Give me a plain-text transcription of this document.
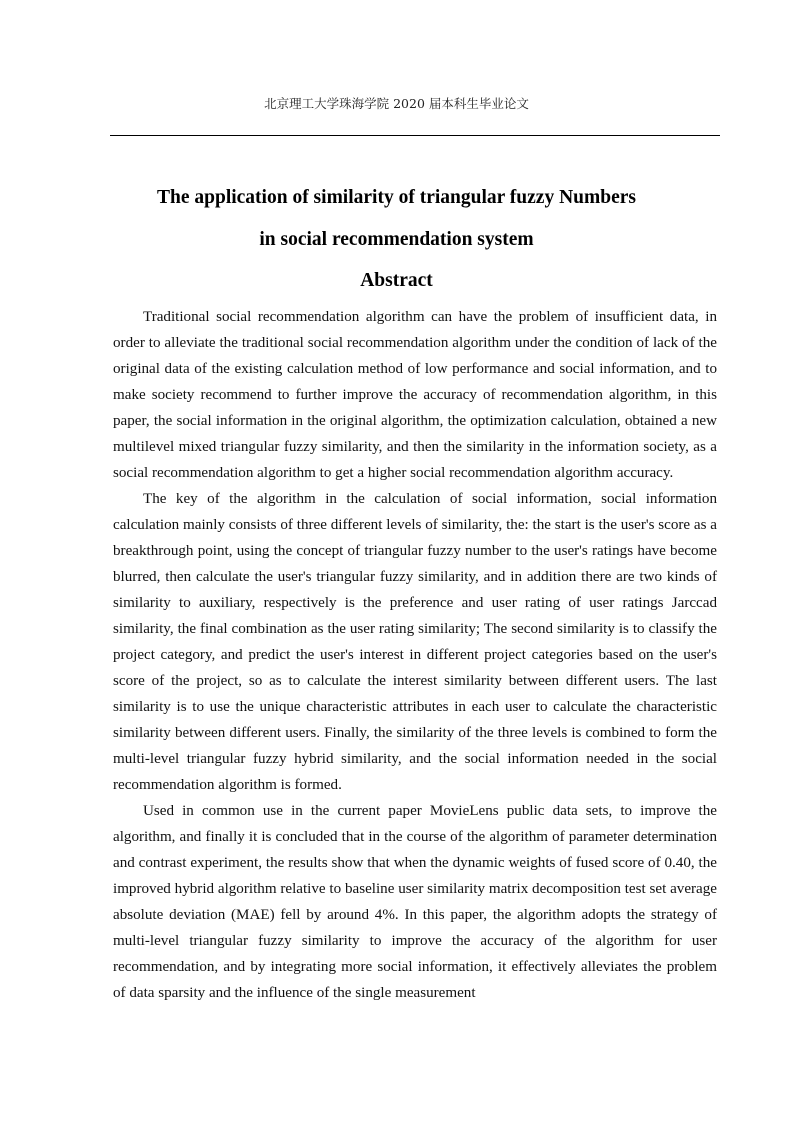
北京理工大学珠海学院 2020 届本科生毕业论文
The application of similarity of triangular fuzzy Numbers
in social recommendation system
Abstract

Traditional social recommendation algorithm can have the problem of insufficient data, in order to alleviate the traditional social recommendation algorithm under the condition of lack of the original data of the existing calculation method of low performance and social information, and to make society recommend to further improve the accuracy of recommendation algorithm, in this paper, the social information in the original algorithm, the optimization calculation, obtained a new multilevel mixed triangular fuzzy similarity, and then the similarity in the information society, as a social recommendation algorithm to get a higher social recommendation algorithm accuracy.

The key of the algorithm in the calculation of social information, social information calculation mainly consists of three different levels of similarity, the: the start is the user's score as a breakthrough point, using the concept of triangular fuzzy number to the user's ratings have become blurred, then calculate the user's triangular fuzzy similarity, and in addition there are two kinds of similarity to auxiliary, respectively is the preference and user rating of user ratings Jarccad similarity, the final combination as the user rating similarity; The second similarity is to classify the project category, and predict the user's interest in different project categories based on the user's score of the project, so as to calculate the interest similarity between different users. The last similarity is to use the unique characteristic attributes in each user to calculate the characteristic similarity between different users. Finally, the similarity of the three levels is combined to form the multi-level triangular fuzzy hybrid similarity, and the social information needed in the social recommendation algorithm is formed.

Used in common use in the current paper MovieLens public data sets, to improve the algorithm, and finally it is concluded that in the course of the algorithm of parameter determination and contrast experiment, the results show that when the dynamic weights of fused score of 0.40, the improved hybrid algorithm relative to baseline user similarity matrix decomposition test set average absolute deviation (MAE) fell by around 4%. In this paper, the algorithm adopts the strategy of multi-level triangular fuzzy similarity to improve the accuracy of the algorithm for user recommendation, and by integrating more social information, it effectively alleviates the problem of data sparsity and the influence of the single measurement
